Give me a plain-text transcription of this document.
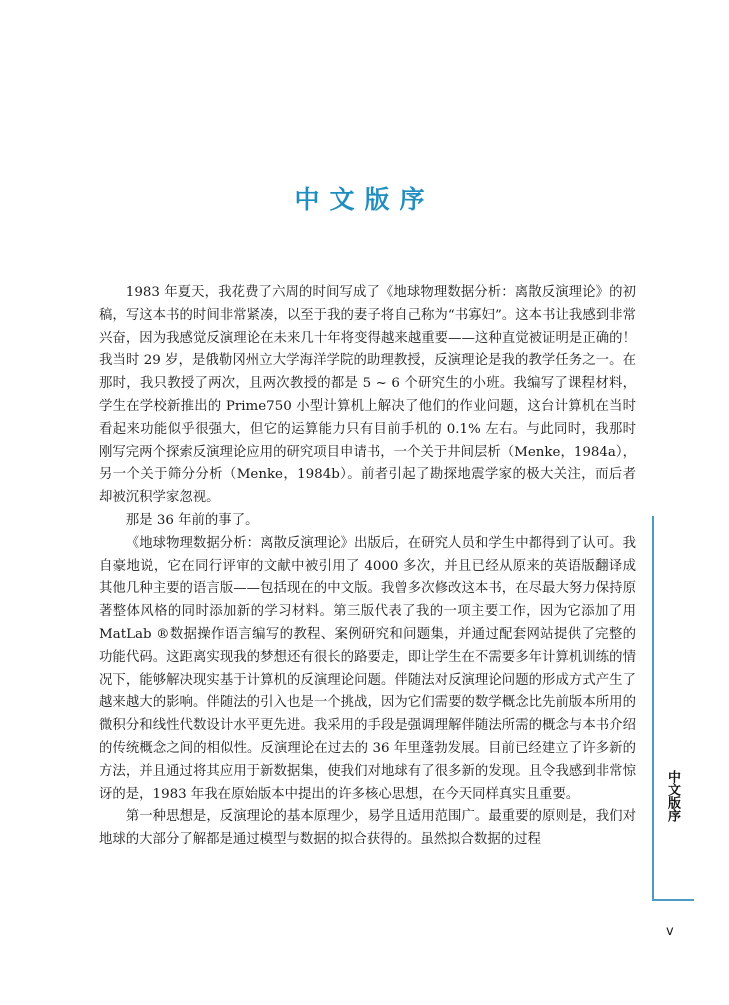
中文版序

1983 年夏天，我花费了六周的时间写成了《地球物理数据分析：离散反演理论》的初稿，写这本书的时间非常紧凑，以至于我的妻子将自己称为“书寡妇”。这本书让我感到非常兴奋，因为我感觉反演理论在未来几十年将变得越来越重要——这种直觉被证明是正确的！我当时 29 岁，是俄勒冈州立大学海洋学院的助理教授，反演理论是我的教学任务之一。在那时，我只教授了两次，且两次教授的都是 5 ~ 6 个研究生的小班。我编写了课程材料，学生在学校新推出的 Prime750 小型计算机上解决了他们的作业问题，这台计算机在当时看起来功能似乎很强大，但它的运算能力只有目前手机的 0.1% 左右。与此同时，我那时刚写完两个探索反演理论应用的研究项目申请书，一个关于井间层析（Menke，1984a），另一个关于筛分分析（Menke，1984b）。前者引起了勘探地震学家的极大关注，而后者却被沉积学家忽视。

那是 36 年前的事了。

《地球物理数据分析：离散反演理论》出版后，在研究人员和学生中都得到了认可。我自豪地说，它在同行评审的文献中被引用了 4000 多次，并且已经从原来的英语版翻译成其他几种主要的语言版——包括现在的中文版。我曾多次修改这本书，在尽最大努力保持原著整体风格的同时添加新的学习材料。第三版代表了我的一项主要工作，因为它添加了用 MatLab ®数据操作语言编写的教程、案例研究和问题集，并通过配套网站提供了完整的功能代码。这距离实现我的梦想还有很长的路要走，即让学生在不需要多年计算机训练的情况下，能够解决现实基于计算机的反演理论问题。伴随法对反演理论问题的形成方式产生了越来越大的影响。伴随法的引入也是一个挑战，因为它们需要的数学概念比先前版本所用的微积分和线性代数设计水平更先进。我采用的手段是强调理解伴随法所需的概念与本书介绍的传统概念之间的相似性。反演理论在过去的 36 年里蓬勃发展。目前已经建立了许多新的方法，并且通过将其应用于新数据集，使我们对地球有了很多新的发现。且令我感到非常惊讶的是，1983 年我在原始版本中提出的许多核心思想，在今天同样真实且重要。

第一种思想是，反演理论的基本原理少，易学且适用范围广。最重要的原则是，我们对地球的大部分了解都是通过模型与数据的拟合获得的。虽然拟合数据的过程

中文版序
v
